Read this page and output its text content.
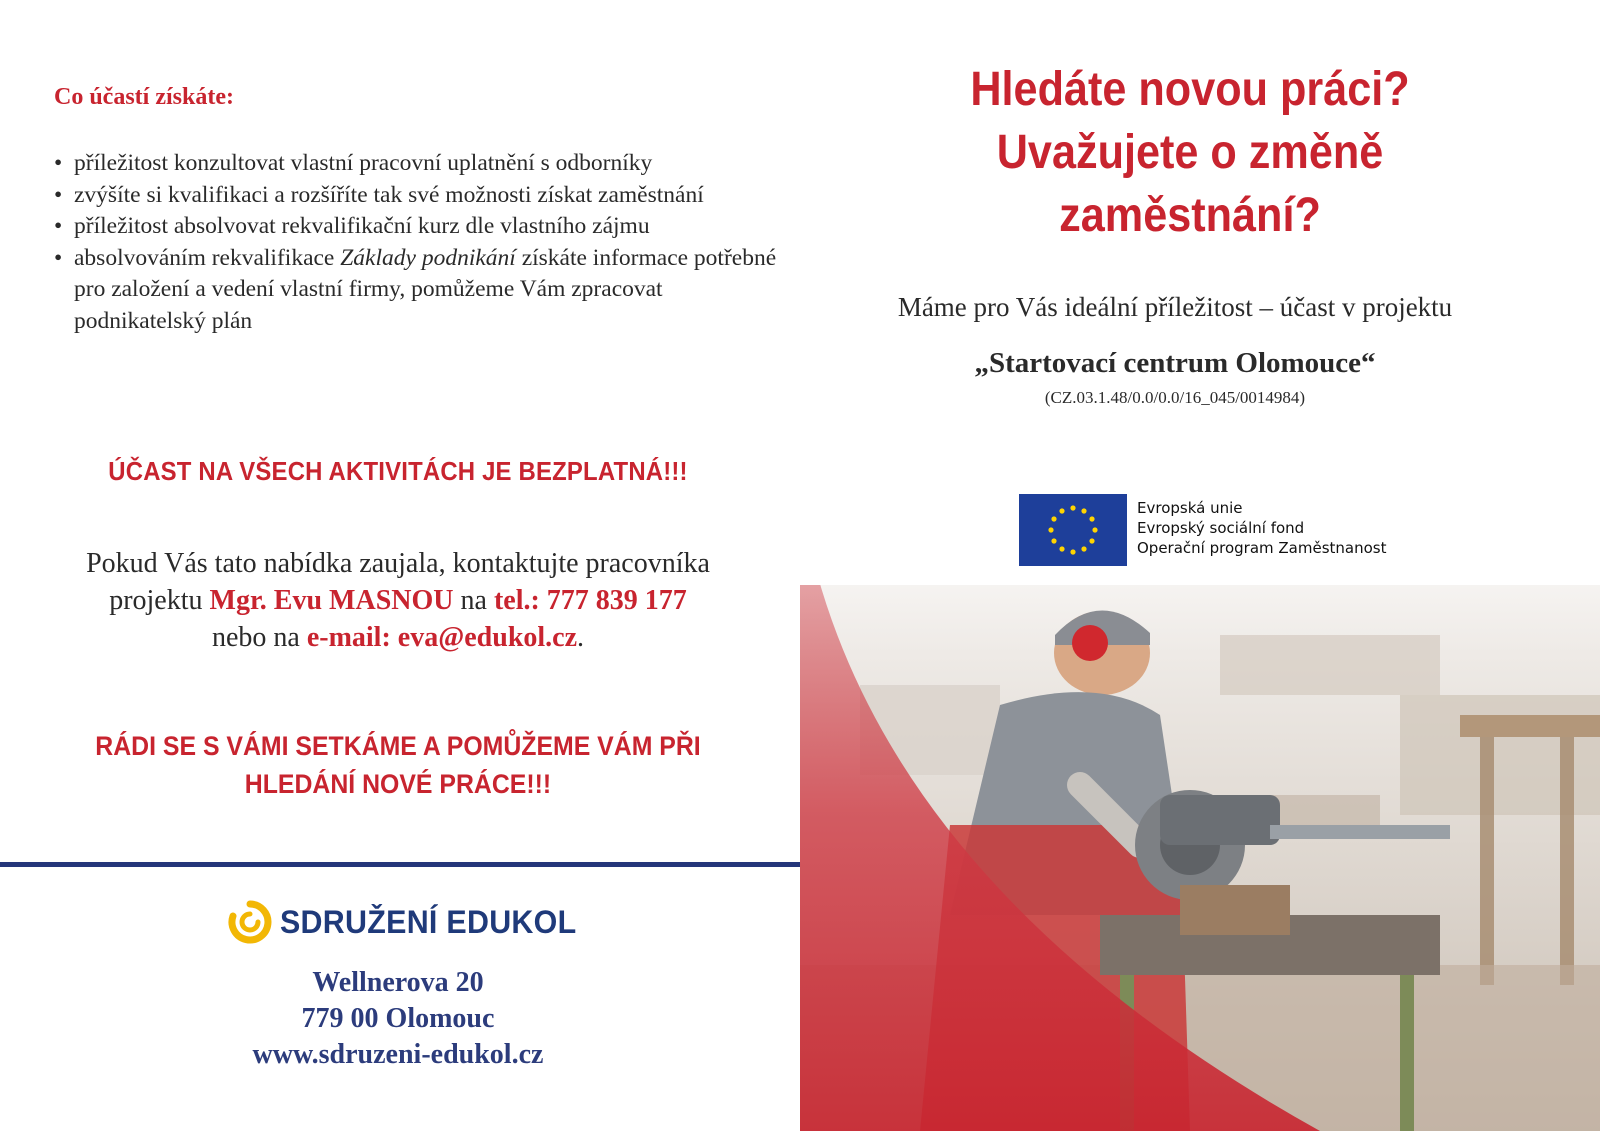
Co účastí získáte:
• příležitost konzultovat vlastní pracovní uplatnění s odborníky
• zvýšíte si kvalifikaci a rozšíříte tak své možnosti získat zaměstnání
• příležitost absolvovat rekvalifikační kurz dle vlastního zájmu
• absolvováním rekvalifikace Základy podnikání získáte informace potřebné pro založení a vedení vlastní firmy, pomůžeme Vám zpracovat podnikatelský plán
ÚČAST NA VŠECH AKTIVITÁCH JE BEZPLATNÁ!!!
Pokud Vás tato nabídka zaujala, kontaktujte pracovníka
projektu Mgr. Evu MASNOU na tel.: 777 839 177
nebo na e-mail: eva@edukol.cz.
RÁDI SE S VÁMI SETKÁME A POMŮŽEME VÁM PŘI HLEDÁNÍ NOVÉ PRÁCE!!!
SDRUŽENÍ EDUKOL
Wellnerova 20
779 00 Olomouc
www.sdruzeni-edukol.cz
Hledáte novou práci?
Uvažujete o změně
zaměstnání?
Máme pro Vás ideální příležitost – účast v projektu
„Startovací centrum Olomouce“
(CZ.03.1.48/0.0/0.0/16_045/0014984)
Evropská unie
Evropský sociální fond
Operační program Zaměstnanost
